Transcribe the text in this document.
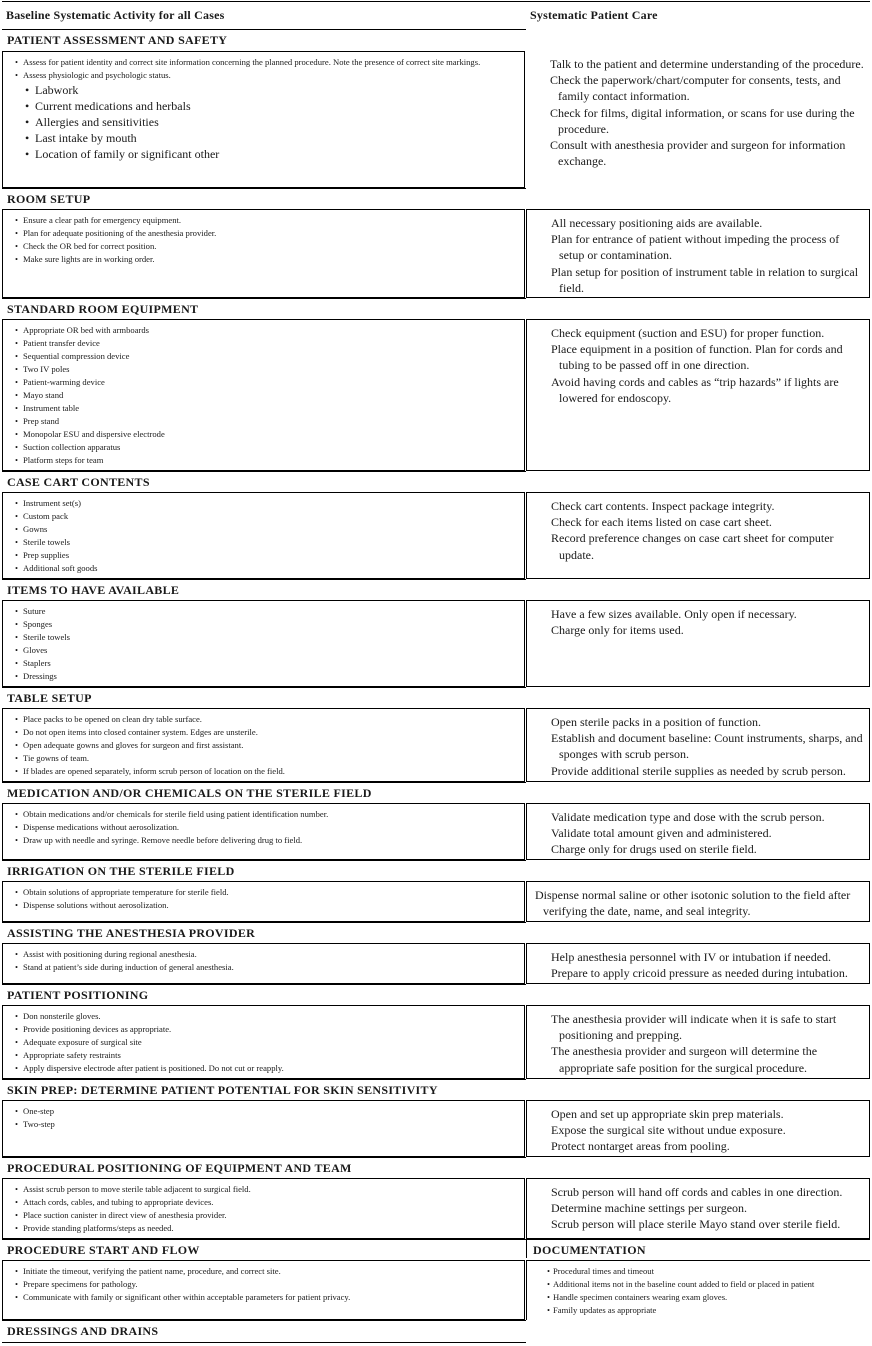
Baseline Systematic Activity for all Cases	Systematic Patient Care
PATIENT ASSESSMENT AND SAFETY
• Assess for patient identity and correct site information concerning the planned procedure. Note the presence of correct site markings.
• Assess physiologic and psychologic status.
• Labwork
• Current medications and herbals
• Allergies and sensitivities
• Last intake by mouth
• Location of family or significant other

Talk to the patient and determine understanding of the procedure.

Check the paperwork/chart/computer for consents, tests, and family contact information.

Check for films, digital information, or scans for use during the procedure.

Consult with anesthesia provider and surgeon for information exchange.

ROOM SETUP
• Ensure a clear path for emergency equipment.
• Plan for adequate positioning of the anesthesia provider.
• Check the OR bed for correct position.
• Make sure lights are in working order.

All necessary positioning aids are available.

Plan for entrance of patient without impeding the process of setup or contamination.

Plan setup for position of instrument table in relation to surgical field.

STANDARD ROOM EQUIPMENT
• Appropriate OR bed with armboards
• Patient transfer device
• Sequential compression device
• Two IV poles
• Patient-warming device
• Mayo stand
• Instrument table
• Prep stand
• Monopolar ESU and dispersive electrode
• Suction collection apparatus
• Platform steps for team

Check equipment (suction and ESU) for proper function.

Place equipment in a position of function. Plan for cords and tubing to be passed off in one direction.

Avoid having cords and cables as “trip hazards” if lights are lowered for endoscopy.

CASE CART CONTENTS
• Instrument set(s)
• Custom pack
• Gowns
• Sterile towels
• Prep supplies
• Additional soft goods

Check cart contents. Inspect package integrity.

Check for each items listed on case cart sheet.

Record preference changes on case cart sheet for computer update.

ITEMS TO HAVE AVAILABLE
• Suture
• Sponges
• Sterile towels
• Gloves
• Staplers
• Dressings

Have a few sizes available. Only open if necessary.

Charge only for items used.

TABLE SETUP
• Place packs to be opened on clean dry table surface.
• Do not open items into closed container system. Edges are unsterile.
• Open adequate gowns and gloves for surgeon and first assistant.
• Tie gowns of team.
• If blades are opened separately, inform scrub person of location on the field.

Open sterile packs in a position of function.

Establish and document baseline: Count instruments, sharps, and sponges with scrub person.

Provide additional sterile supplies as needed by scrub person.

MEDICATION AND/OR CHEMICALS ON THE STERILE FIELD
• Obtain medications and/or chemicals for sterile field using patient identification number.
• Dispense medications without aerosolization.
• Draw up with needle and syringe. Remove needle before delivering drug to field.

Validate medication type and dose with the scrub person.

Validate total amount given and administered.

Charge only for drugs used on sterile field.

IRRIGATION ON THE STERILE FIELD
• Obtain solutions of appropriate temperature for sterile field.
• Dispense solutions without aerosolization.

Dispense normal saline or other isotonic solution to the field after verifying the date, name, and seal integrity.

ASSISTING THE ANESTHESIA PROVIDER
• Assist with positioning during regional anesthesia.
• Stand at patient’s side during induction of general anesthesia.

Help anesthesia personnel with IV or intubation if needed.

Prepare to apply cricoid pressure as needed during intubation.

PATIENT POSITIONING
• Don nonsterile gloves.
• Provide positioning devices as appropriate.
• Adequate exposure of surgical site
• Appropriate safety restraints
• Apply dispersive electrode after patient is positioned. Do not cut or reapply.

The anesthesia provider will indicate when it is safe to start positioning and prepping.

The anesthesia provider and surgeon will determine the appropriate safe position for the surgical procedure.

SKIN PREP: DETERMINE PATIENT POTENTIAL FOR SKIN SENSITIVITY
• One-step
• Two-step

Open and set up appropriate skin prep materials.

Expose the surgical site without undue exposure.

Protect nontarget areas from pooling.

PROCEDURAL POSITIONING OF EQUIPMENT AND TEAM
• Assist scrub person to move sterile table adjacent to surgical field.
• Attach cords, cables, and tubing to appropriate devices.
• Place suction canister in direct view of anesthesia provider.
• Provide standing platforms/steps as needed.

Scrub person will hand off cords and cables in one direction.

Determine machine settings per surgeon.

Scrub person will place sterile Mayo stand over sterile field.

PROCEDURE START AND FLOW	DOCUMENTATION
• Initiate the timeout, verifying the patient name, procedure, and correct site.
• Prepare specimens for pathology.
• Communicate with family or significant other within acceptable parameters for patient privacy.
• Procedural times and timeout
• Additional items not in the baseline count added to field or placed in patient
• Handle specimen containers wearing exam gloves.
• Family updates as appropriate
DRESSINGS AND DRAINS
